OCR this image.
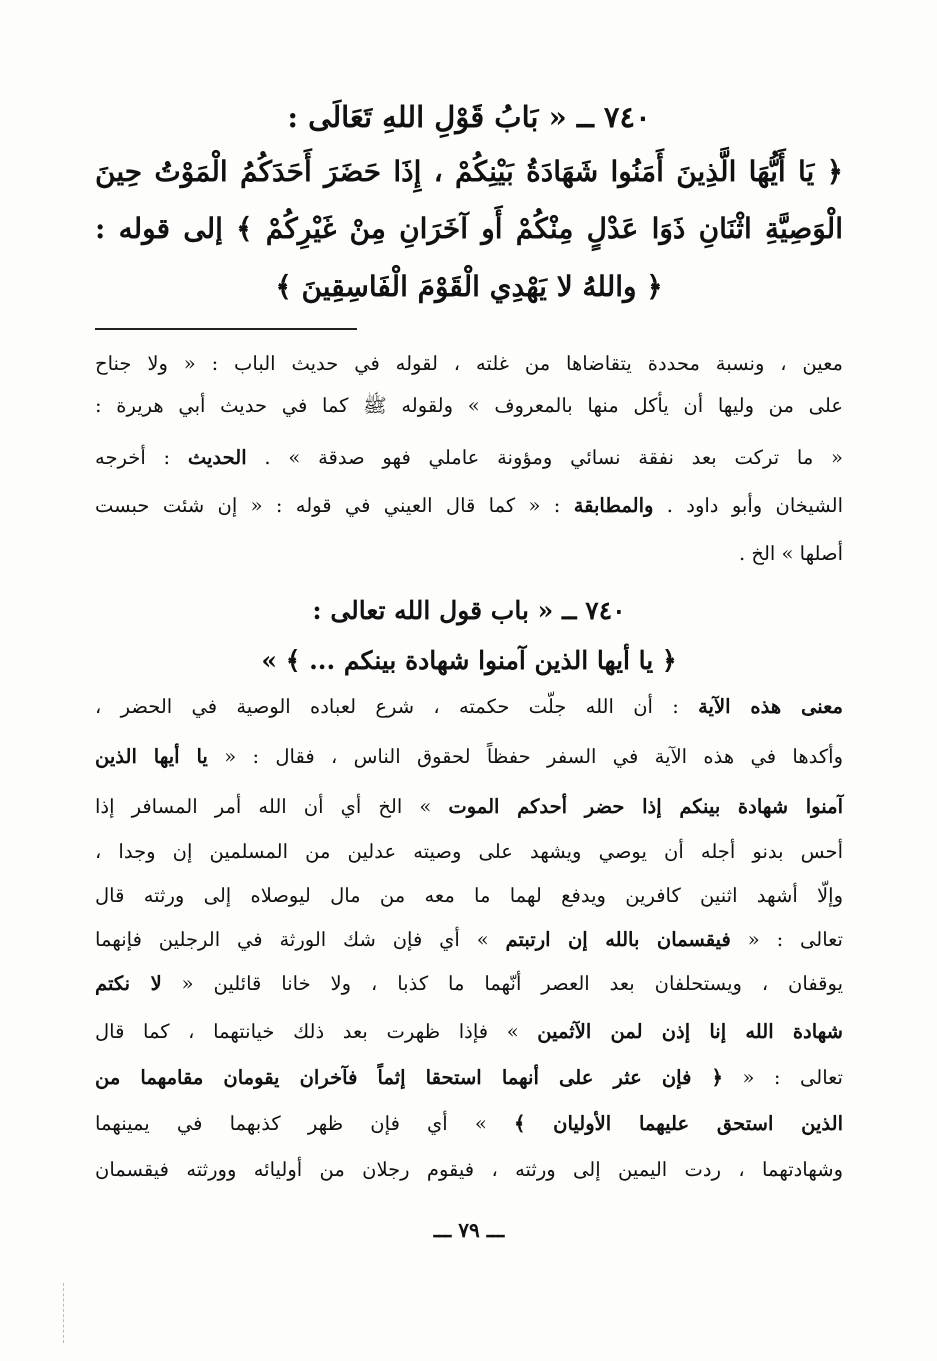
٧٤٠ ــ « بَابُ قَوْلِ اللهِ تَعَالَى :
﴿ يَا أَيُّهَا الَّذِينَ أَمَنُوا شَهَادَةُ بَيْنِكُمْ ، إِذَا حَضَرَ أَحَدَكُمُ الْمَوْتُ حِينَ
الْوَصِيَّةِ اثْنَانِ ذَوَا عَدْلٍ مِنْكُمْ أَو آخَرَانِ مِنْ غَيْرِكُمْ ﴾ إلى قوله :
﴿ واللهُ لا يَهْدِي الْقَوْمَ الْفَاسِقِينَ ﴾
معين ، ونسبة محددة يتقاضاها من غلته ، لقوله في حديث الباب : « ولا جناح
على من وليها أن يأكل منها بالمعروف » ولقوله ﷺ كما في حديث أبي هريرة :
« ما تركت بعد نفقة نسائي ومؤونة عاملي فهو صدقة » . الحديث : أخرجه
الشيخان وأبو داود . والمطابقة : « كما قال العيني في قوله : « إن شئت حبست
أصلها » الخ .
٧٤٠ ــ « باب قول الله تعالى :
﴿ يا أيها الذين آمنوا شهادة بينكم ... ﴾ »
معنى هذه الآية : أن الله جلّت حكمته ، شرع لعباده الوصية في الحضر ،
وأكدها في هذه الآية في السفر حفظاً لحقوق الناس ، فقال : « يا أيها الذين
آمنوا شهادة بينكم إذا حضر أحدكم الموت » الخ أي أن الله أمر المسافر إذا
أحس بدنو أجله أن يوصي ويشهد على وصيته عدلين من المسلمين إن وجدا ،
وإلّا أشهد اثنين كافرين ويدفع لهما ما معه من مال ليوصلاه إلى ورثته قال
تعالى : « فيقسمان بالله إن ارتبتم » أي فإن شك الورثة في الرجلين فإنهما
يوقفان ، ويستحلفان بعد العصر أنّهما ما كذبا ، ولا خانا قائلين « لا نكتم
شهادة الله إنا إذن لمن الآثمين » فإذا ظهرت بعد ذلك خيانتهما ، كما قال
تعالى : « ﴿ فإن عثر على أنهما استحقا إثماً فآخران يقومان مقامهما من
الذين استحق عليهما الأوليان ﴾ » أي فإن ظهر كذبهما في يمينهما
وشهادتهما ، ردت اليمين إلى ورثته ، فيقوم رجلان من أوليائه وورثته فيقسمان
ـــ ٧٩ ـــ
